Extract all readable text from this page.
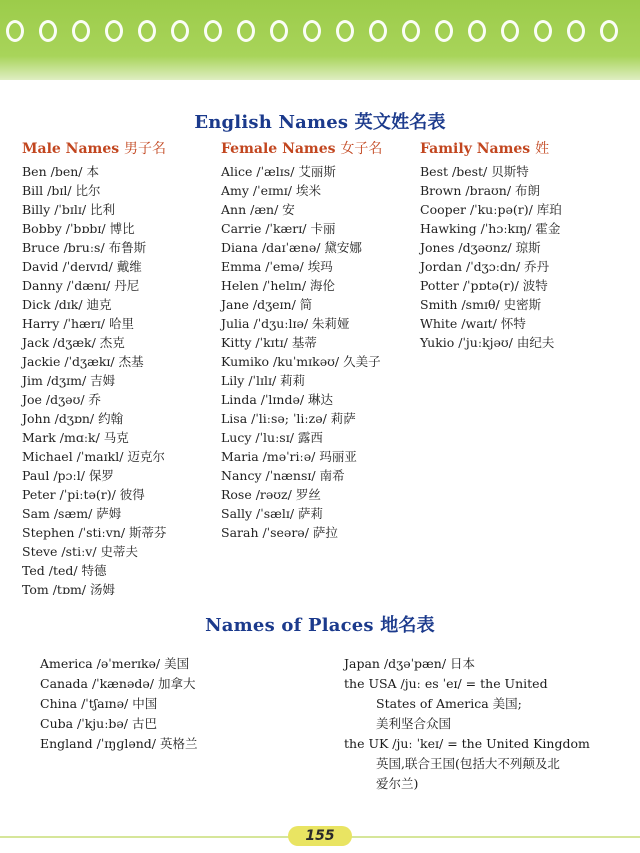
English Names 英文姓名表
Male Names 男子名
Ben /ben/ 本
Bill /bɪl/ 比尔
Billy /ˈbɪlɪ/ 比利
Bobby /ˈbɒbɪ/ 博比
Bruce /bruːs/ 布鲁斯
David /ˈdeɪvɪd/ 戴维
Danny /ˈdænɪ/ 丹尼
Dick /dɪk/ 迪克
Harry /ˈhærɪ/ 哈里
Jack /dʒæk/ 杰克
Jackie /ˈdʒækɪ/ 杰基
Jim /dʒɪm/ 吉姆
Joe /dʒəʊ/ 乔
John /dʒɒn/ 约翰
Mark /mɑːk/ 马克
Michael /ˈmaɪkl/ 迈克尔
Paul /pɔːl/ 保罗
Peter /ˈpiːtə(r)/ 彼得
Sam /sæm/ 萨姆
Stephen /ˈstiːvn/ 斯蒂芬
Steve /stiːv/ 史蒂夫
Ted /ted/ 特德
Tom /tɒm/ 汤姆
Female Names 女子名
Alice /ˈælɪs/ 艾丽斯
Amy /ˈeɪmɪ/ 埃米
Ann /æn/ 安
Carrie /ˈkærɪ/ 卡丽
Diana /daɪˈænə/ 黛安娜
Emma /ˈemə/ 埃玛
Helen /ˈhelɪn/ 海伦
Jane /dʒeɪn/ 简
Julia /ˈdʒuːlɪə/ 朱莉娅
Kitty /ˈkɪtɪ/ 基蒂
Kumiko /kuˈmɪkəʊ/ 久美子
Lily /ˈlɪlɪ/ 莉莉
Linda /ˈlɪndə/ 琳达
Lisa /ˈliːsə; ˈliːzə/ 莉萨
Lucy /ˈluːsɪ/ 露西
Maria /məˈriːə/ 玛丽亚
Nancy /ˈnænsɪ/ 南希
Rose /rəʊz/ 罗丝
Sally /ˈsælɪ/ 萨莉
Sarah /ˈseərə/ 萨拉
Family Names 姓
Best /best/ 贝斯特
Brown /braʊn/ 布朗
Cooper /ˈkuːpə(r)/ 库珀
Hawking /ˈhɔːkɪŋ/ 霍金
Jones /dʒəʊnz/ 琼斯
Jordan /ˈdʒɔːdn/ 乔丹
Potter /ˈpɒtə(r)/ 波特
Smith /smɪθ/ 史密斯
White /waɪt/ 怀特
Yukio /ˈjuːkjəʊ/ 由纪夫
Names of Places 地名表
America /əˈmerɪkə/ 美国
Canada /ˈkænədə/ 加拿大
China /ˈtʃaɪnə/ 中国
Cuba /ˈkjuːbə/ 古巴
England /ˈɪŋɡlənd/ 英格兰
Japan /dʒəˈpæn/ 日本
the USA /juː es ˈeɪ/ = the United
States of America 美国;
美利坚合众国
the UK /juː ˈkeɪ/ = the United Kingdom
英国,联合王国(包括大不列颠及北
爱尔兰)
155
